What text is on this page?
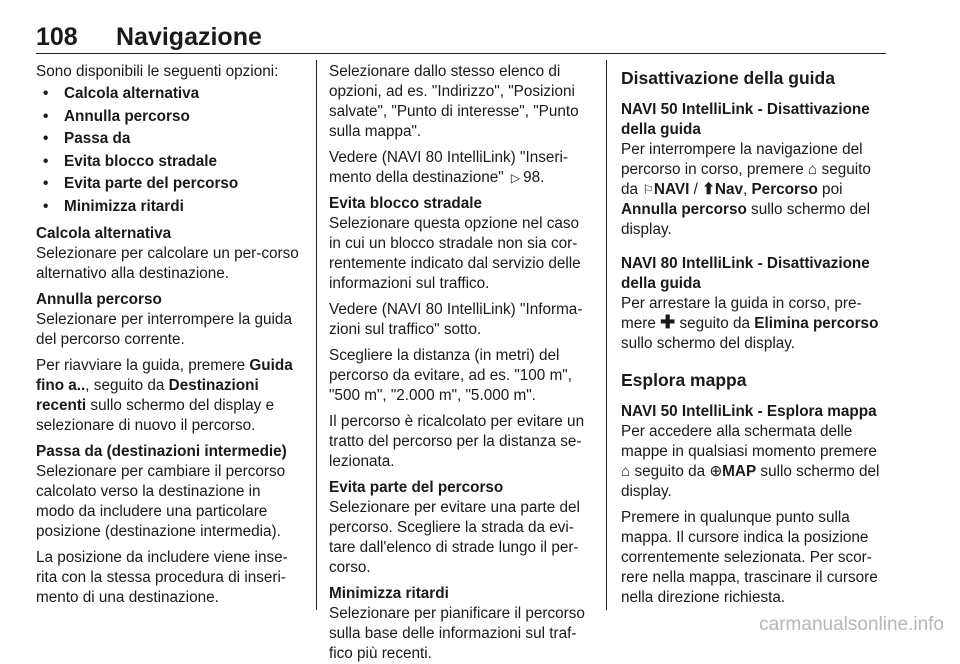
108 Navigazione

Sono disponibili le seguenti opzioni:

• Calcola alternativa
• Annulla percorso
• Passa da
• Evita blocco stradale
• Evita parte del percorso
• Minimizza ritardi

Calcola alternativa

Selezionare per calcolare un per-corso alternativo alla destinazione.

Annulla percorso

Selezionare per interrompere la guida del percorso corrente.

Per riavviare la guida, premere Guida fino a.., seguito da Destinazioni recenti sullo schermo del display e selezionare di nuovo il percorso.

Passa da (destinazioni intermedie)

Selezionare per cambiare il percorso calcolato verso la destinazione in modo da includere una particolare posizione (destinazione intermedia).

La posizione da includere viene inse-rita con la stessa procedura di inseri-mento di una destinazione.

Selezionare dallo stesso elenco di opzioni, ad es. "Indirizzo", "Posizioni salvate", "Punto di interesse", "Punto sulla mappa".

Vedere (NAVI 80 IntelliLink) "Inseri-mento della destinazione" ▷ 98.

Evita blocco stradale

Selezionare questa opzione nel caso in cui un blocco stradale non sia cor-rentemente indicato dal servizio delle informazioni sul traffico.

Vedere (NAVI 80 IntelliLink) "Informa-zioni sul traffico" sotto.

Scegliere la distanza (in metri) del percorso da evitare, ad es. "100 m", "500 m", "2.000 m", "5.000 m".

Il percorso è ricalcolato per evitare un tratto del percorso per la distanza se-lezionata.

Evita parte del percorso

Selezionare per evitare una parte del percorso. Scegliere la strada da evi-tare dall'elenco di strade lungo il per-corso.

Minimizza ritardi

Selezionare per pianificare il percorso sulla base delle informazioni sul traf-fico più recenti.

Disattivazione della guida

NAVI 50 IntelliLink - Disattivazione della guida

Per interrompere la navigazione del percorso in corso, premere ⌂ seguito da ⚐NAVI / ⬆Nav, Percorso poi Annulla percorso sullo schermo del display.

NAVI 80 IntelliLink - Disattivazione della guida

Per arrestare la guida in corso, pre-mere ✚ seguito da Elimina percorso sullo schermo del display.

Esplora mappa

NAVI 50 IntelliLink - Esplora mappa

Per accedere alla schermata delle mappe in qualsiasi momento premere ⌂ seguito da ⊕MAP sullo schermo del display.

Premere in qualunque punto sulla mappa. Il cursore indica la posizione correntemente selezionata. Per scor-rere nella mappa, trascinare il cursore nella direzione richiesta.

carmanualsonline.info
